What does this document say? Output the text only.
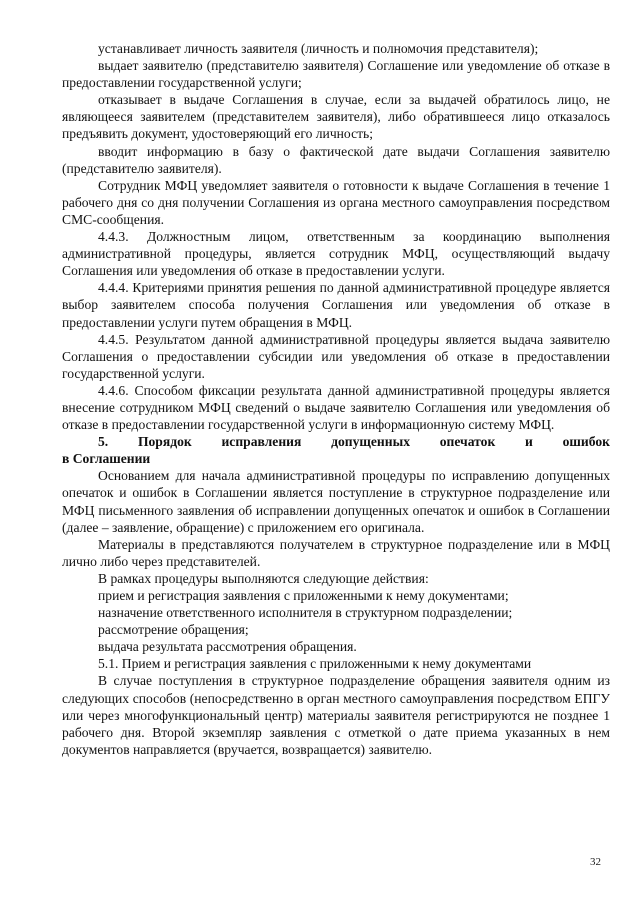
устанавливает личность заявителя (личность и полномочия представителя);

выдает заявителю (представителю заявителя) Соглашение или уведомление об отказе в предоставлении государственной услуги;

отказывает в выдаче Соглашения в случае, если за выдачей обратилось лицо, не являющееся заявителем (представителем заявителя), либо обратившееся лицо отказалось предъявить документ, удостоверяющий его личность;

вводит информацию в базу о фактической дате выдачи Соглашения заявителю (представителю заявителя).

Сотрудник МФЦ уведомляет заявителя о готовности к выдаче Соглашения в течение 1 рабочего дня со дня получении Соглашения из органа местного самоуправления посредством СМС-сообщения.

4.4.3. Должностным лицом, ответственным за координацию выполнения административной процедуры, является сотрудник МФЦ, осуществляющий выдачу Соглашения или уведомления об отказе в предоставлении услуги.

4.4.4. Критериями принятия решения по данной административной процедуре является выбор заявителем способа получения Соглашения или уведомления об отказе в предоставлении услуги путем обращения в МФЦ.

4.4.5. Результатом данной административной процедуры является выдача заявителю Соглашения о предоставлении субсидии или уведомления об отказе в предоставлении государственной услуги.

4.4.6. Способом фиксации результата данной административной процедуры является внесение сотрудником МФЦ сведений о выдаче заявителю Соглашения или уведомления об отказе в предоставлении государственной услуги в информационную систему МФЦ.

5. Порядок исправления допущенных опечаток и ошибок
в Соглашении

Основанием для начала административной процедуры по исправлению допущенных опечаток и ошибок в Соглашении является поступление в структурное подразделение или МФЦ письменного заявления об исправлении допущенных опечаток и ошибок в Соглашении (далее – заявление, обращение) с приложением его оригинала.

Материалы в представляются получателем в структурное подразделение или в МФЦ лично либо через представителей.

В рамках процедуры выполняются следующие действия:

прием и регистрация заявления с приложенными к нему документами;

назначение ответственного исполнителя в структурном подразделении;

рассмотрение обращения;

выдача результата рассмотрения обращения.

5.1. Прием и регистрация заявления с приложенными к нему документами

В случае поступления в структурное подразделение обращения заявителя одним из следующих способов (непосредственно в орган местного самоуправления посредством ЕПГУ или через многофункциональный центр) материалы заявителя регистрируются не позднее 1 рабочего дня. Второй экземпляр заявления с отметкой о дате приема указанных в нем документов направляется (вручается, возвращается) заявителю.

32
